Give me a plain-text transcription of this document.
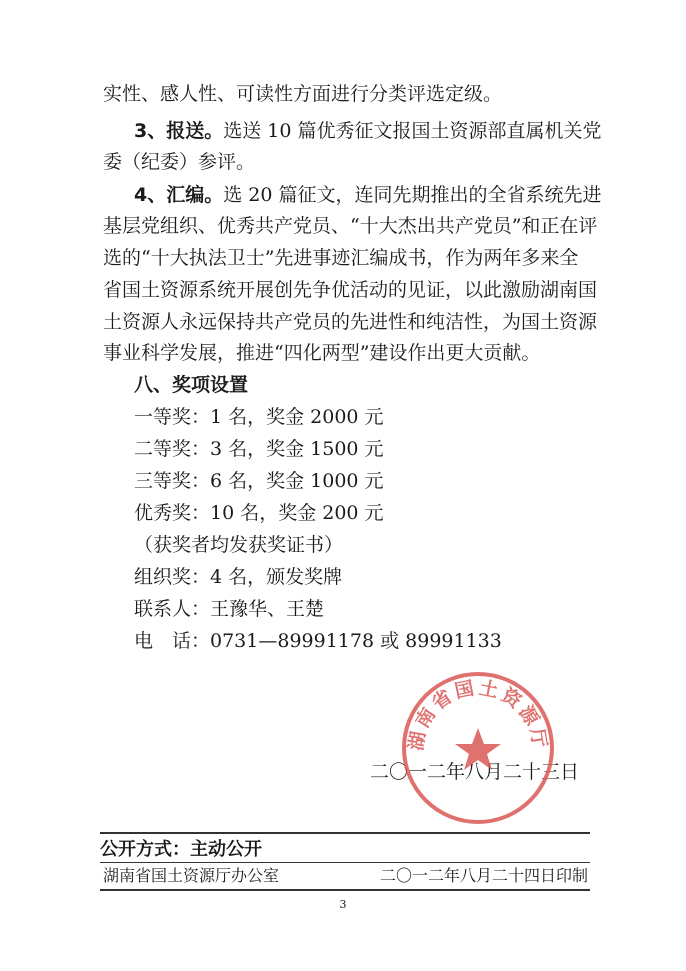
实性、感人性、可读性方面进行分类评选定级。
3、报送。选送 10 篇优秀征文报国土资源部直属机关党
委（纪委）参评。
4、汇编。选 20 篇征文，连同先期推出的全省系统先进
基层党组织、优秀共产党员、“十大杰出共产党员”和正在评
选的“十大执法卫士”先进事迹汇编成书，作为两年多来全
省国土资源系统开展创先争优活动的见证，以此激励湖南国
土资源人永远保持共产党员的先进性和纯洁性，为国土资源
事业科学发展，推进“四化两型”建设作出更大贡献。
八、奖项设置
一等奖：1 名，奖金 2000 元
二等奖：3 名，奖金 1500 元
三等奖：6 名，奖金 1000 元
优秀奖：10 名，奖金 200 元
（获奖者均发获奖证书）
组织奖：4 名，颁发奖牌
联系人：王豫华、王楚
电　话：0731—89991178 或 89991133
二〇一二年八月二十三日
湖南省国土资源厅
公开方式：主动公开
湖南省国土资源厅办公室	二〇一二年八月二十四日印制
3
